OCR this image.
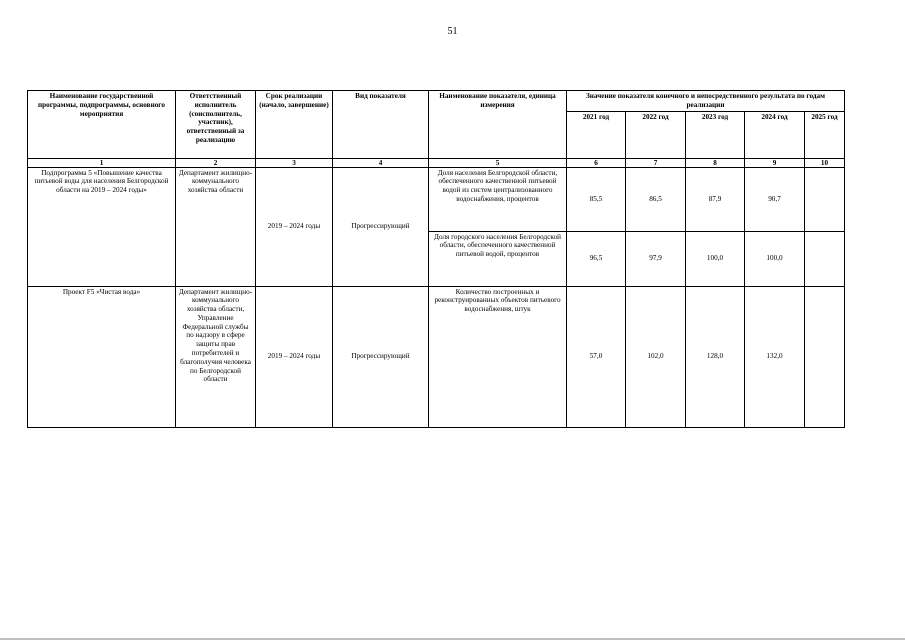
51
Наименование государственной программы, подпрограммы, основного мероприятия	Ответственный исполнитель (соисполнитель, участник), ответственный за реализацию	Срок реализации (начало, завершение)	Вид показателя	Наименование показателя, единица измерения	Значение показателя конечного и непосредственного результата по годам реализации				
					2021 год	2022 год	2023 год	2024 год	2025 год
1	2	3	4	5	6	7	8	9	10
Подпрограмма 5 «Повышение качества питьевой воды для населения Белгородской области на 2019 – 2024 годы»	Департамент жилищно-коммунального хозяйства области	2019 – 2024 годы	Прогрессирующий	Доля населения Белгородской области, обеспеченного качественной питьевой водой из систем централизованного водоснабжения, процентов	85,5	86,5	87,9	90,7	
				Доля городского населения Белгородской области, обеспеченного качественной питьевой водой, процентов	96,5	97,9	100,0	100,0	
Проект F5 «Чистая вода»	Департамент жилищно-коммунального хозяйства области, Управление Федеральной службы по надзору в сфере защиты прав потребителей и благополучия человека по Белгородской области	2019 – 2024 годы	Прогрессирующий	Количество построенных и реконструированных объектов питьевого водоснабжения, штук	57,0	102,0	128,0	132,0	
